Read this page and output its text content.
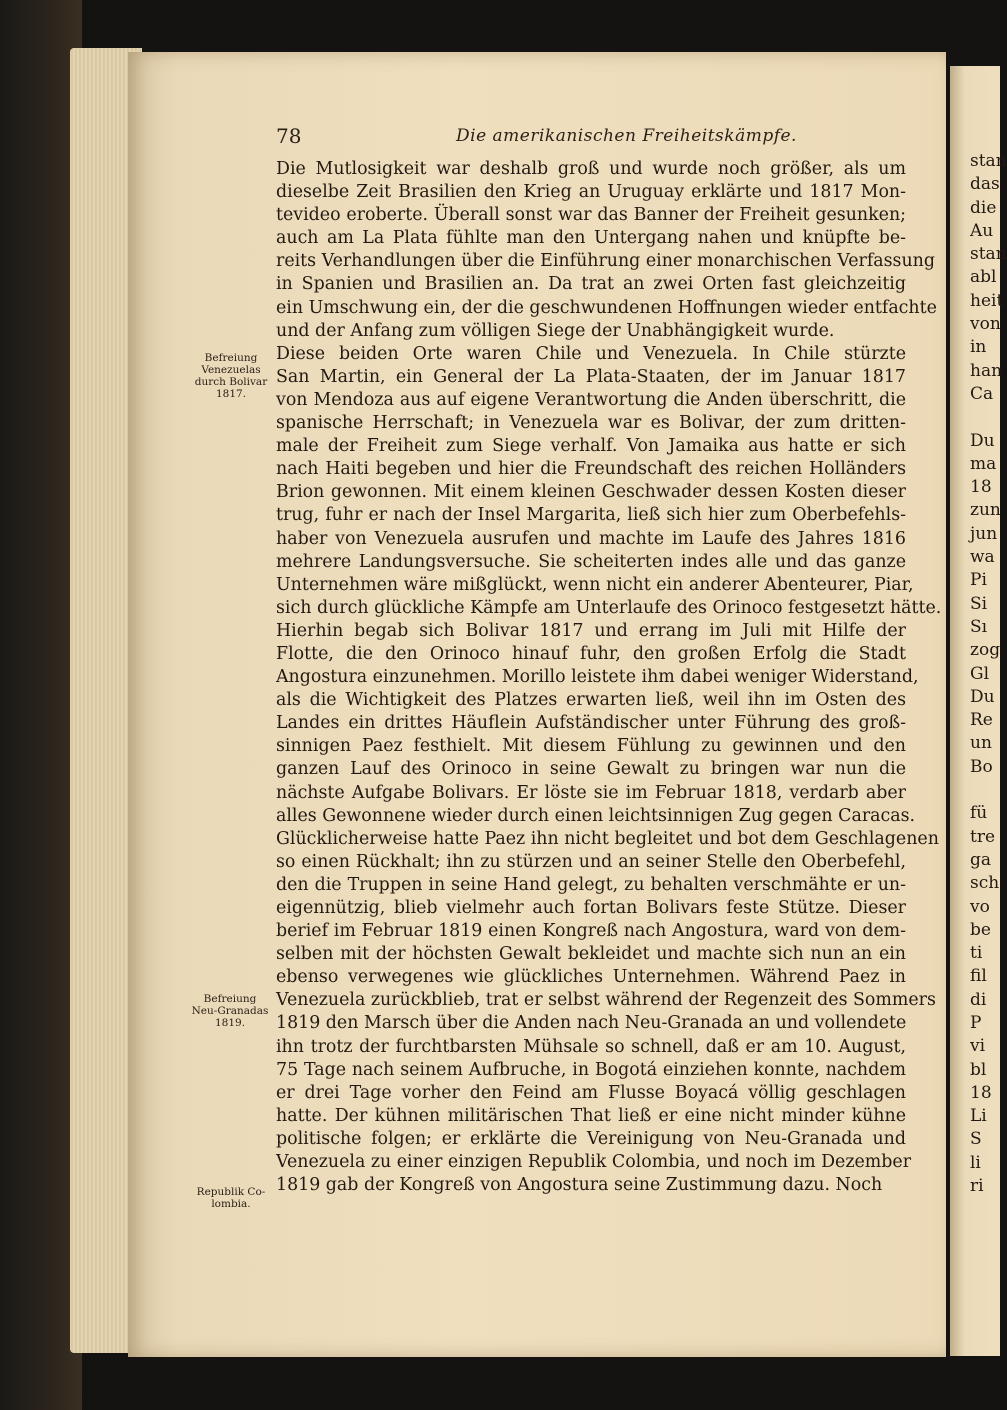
78	Die amerikanischen Freiheitskämpfe.
Die Mutlosigkeit war deshalb groß und wurde noch größer, als um
dieselbe Zeit Brasilien den Krieg an Uruguay erklärte und 1817 Mon-
tevideo eroberte. Überall sonst war das Banner der Freiheit gesunken;
auch am La Plata fühlte man den Untergang nahen und knüpfte be-
reits Verhandlungen über die Einführung einer monarchischen Verfassung
in Spanien und Brasilien an. Da trat an zwei Orten fast gleichzeitig
ein Umschwung ein, der die geschwundenen Hoffnungen wieder entfachte
und der Anfang zum völligen Siege der Unabhängigkeit wurde.
Diese beiden Orte waren Chile und Venezuela. In Chile stürzte
San Martin, ein General der La Plata-Staaten, der im Januar 1817
von Mendoza aus auf eigene Verantwortung die Anden überschritt, die
spanische Herrschaft; in Venezuela war es Bolivar, der zum dritten-
male der Freiheit zum Siege verhalf. Von Jamaika aus hatte er sich
nach Haiti begeben und hier die Freundschaft des reichen Holländers
Brion gewonnen. Mit einem kleinen Geschwader dessen Kosten dieser
trug, fuhr er nach der Insel Margarita, ließ sich hier zum Oberbefehls-
haber von Venezuela ausrufen und machte im Laufe des Jahres 1816
mehrere Landungsversuche. Sie scheiterten indes alle und das ganze
Unternehmen wäre mißglückt, wenn nicht ein anderer Abenteurer, Piar,
sich durch glückliche Kämpfe am Unterlaufe des Orinoco festgesetzt hätte.
Hierhin begab sich Bolivar 1817 und errang im Juli mit Hilfe der
Flotte, die den Orinoco hinauf fuhr, den großen Erfolg die Stadt
Angostura einzunehmen. Morillo leistete ihm dabei weniger Widerstand,
als die Wichtigkeit des Platzes erwarten ließ, weil ihn im Osten des
Landes ein drittes Häuflein Aufständischer unter Führung des groß-
sinnigen Paez festhielt. Mit diesem Fühlung zu gewinnen und den
ganzen Lauf des Orinoco in seine Gewalt zu bringen war nun die
nächste Aufgabe Bolivars. Er löste sie im Februar 1818, verdarb aber
alles Gewonnene wieder durch einen leichtsinnigen Zug gegen Caracas.
Glücklicherweise hatte Paez ihn nicht begleitet und bot dem Geschlagenen
so einen Rückhalt; ihn zu stürzen und an seiner Stelle den Oberbefehl,
den die Truppen in seine Hand gelegt, zu behalten verschmähte er un-
eigennützig, blieb vielmehr auch fortan Bolivars feste Stütze. Dieser
berief im Februar 1819 einen Kongreß nach Angostura, ward von dem-
selben mit der höchsten Gewalt bekleidet und machte sich nun an ein
ebenso verwegenes wie glückliches Unternehmen. Während Paez in
Venezuela zurückblieb, trat er selbst während der Regenzeit des Sommers
1819 den Marsch über die Anden nach Neu-Granada an und vollendete
ihn trotz der furchtbarsten Mühsale so schnell, daß er am 10. August,
75 Tage nach seinem Aufbruche, in Bogotá einziehen konnte, nachdem
er drei Tage vorher den Feind am Flusse Boyacá völlig geschlagen
hatte. Der kühnen militärischen That ließ er eine nicht minder kühne
politische folgen; er erklärte die Vereinigung von Neu-Granada und
Venezuela zu einer einzigen Republik Colombia, und noch im Dezember
1819 gab der Kongreß von Angostura seine Zustimmung dazu. Noch
Befreiung
Venezuelas
durch Bolivar
1817.
Befreiung
Neu-Granadas
1819.
Republik Co-
lombia.
stan
das
die
Au
stan
abl
heit
von
in
han
Ca
Du
ma
18
zun
jun
wa
Pi
Si
Sı
zog
Gl
Du
Re
un
Bo
fü
tre
ga
sch
vo
be
ti
fil
di
P
vi
bl
18
Li
S
li
ri
